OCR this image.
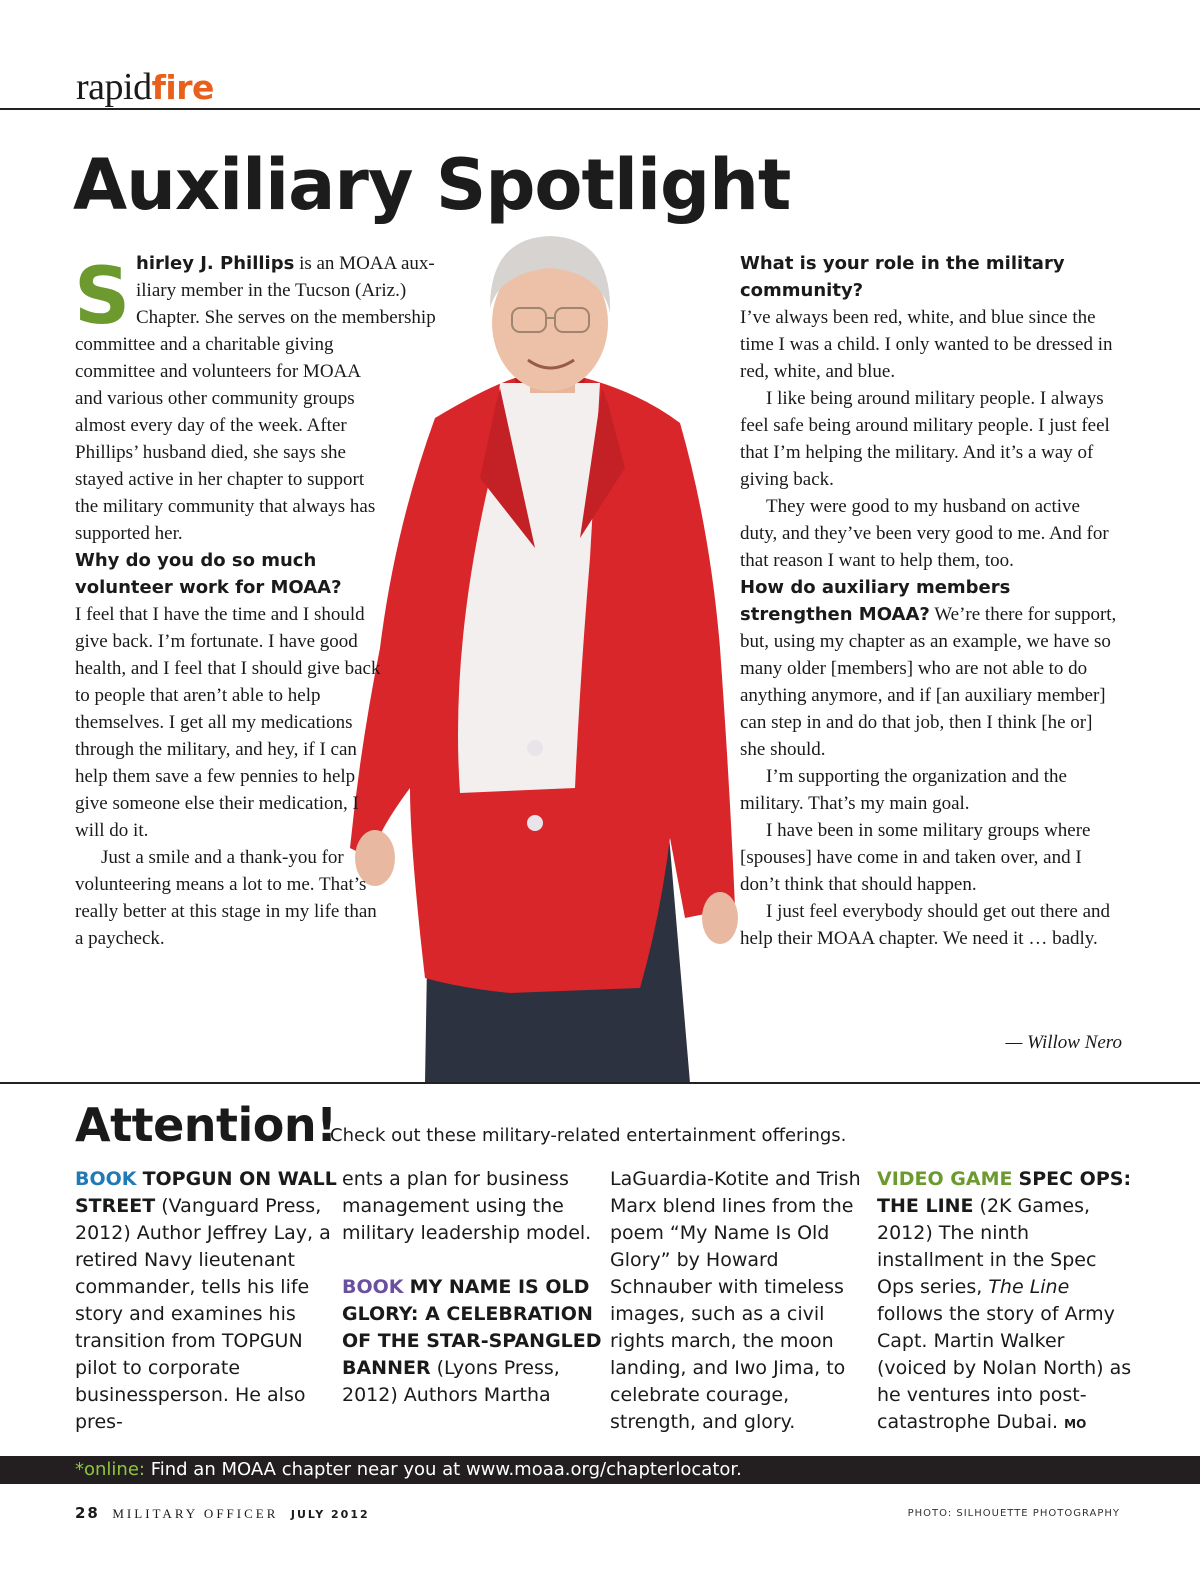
rapidfire
Auxiliary Spotlight
S hirley J. Phillips is an MOAA aux-

iliary member in the Tucson (Ariz.)

Chapter. She serves on the membership

committee and a charitable giving committee and volunteers for MOAA and various other community groups almost every day of the week. After Phillips’ husband died, she says she stayed active in her chapter to support the military community that always has supported her.

Why do you do so much volunteer work for MOAA?

I feel that I have the time and I should give back. I’m fortunate. I have good health, and I feel that I should give back to people that aren’t able to help themselves. I get all my medications through the military, and hey, if I can help them save a few pennies to help give someone else their medication, I will do it.

Just a smile and a thank-you for volunteering means a lot to me. That’s really better at this stage in my life than a paycheck.

What is your role in the military community?

I’ve always been red, white, and blue since the time I was a child. I only wanted to be dressed in red, white, and blue.

I like being around military people. I always feel safe being around military people. I just feel that I’m helping the military. And it’s a way of giving back.

They were good to my husband on active duty, and they’ve been very good to me. And for that reason I want to help them, too.

How do auxiliary members strengthen MOAA? We’re there for support, but, using my chapter as an example, we have so many older [members] who are not able to do anything anymore, and if [an auxiliary member] can step in and do that job, then I think [he or] she should.

I’m supporting the organization and the military. That’s my main goal.

I have been in some military groups where [spouses] have come in and taken over, and I don’t think that should happen.

I just feel everybody should get out there and help their MOAA chapter. We need it … badly.

— Willow Nero
Attention!
Check out these military-related entertainment offerings.

BOOK TOPGUN ON WALL STREET (Vanguard Press, 2012) Author Jeffrey Lay, a retired Navy lieutenant commander, tells his life story and examines his transition from TOPGUN pilot to corporate businessperson. He also pres-

ents a plan for business management using the military leadership model.

BOOK MY NAME IS OLD GLORY: A CELEBRATION OF THE STAR-SPANGLED BANNER (Lyons Press, 2012) Authors Martha

VIDEO GAME SPEC OPS: THE LINE (2K Games, 2012) The ninth installment in the Spec Ops series, The Line follows the story of Army Capt. Martin Walker (voiced by Nolan North) as he ventures into post-catastrophe Dubai. MO

*online: Find an MOAA chapter near you at www.moaa.org/chapterlocator.
28 MILITARY OFFICER JULY 2012	PHOTO: SILHOUETTE PHOTOGRAPHY

LaGuardia-Kotite and Trish Marx blend lines from the poem “My Name Is Old Glory” by Howard Schnauber with timeless images, such as a civil rights march, the moon landing, and Iwo Jima, to celebrate courage, strength, and glory.
